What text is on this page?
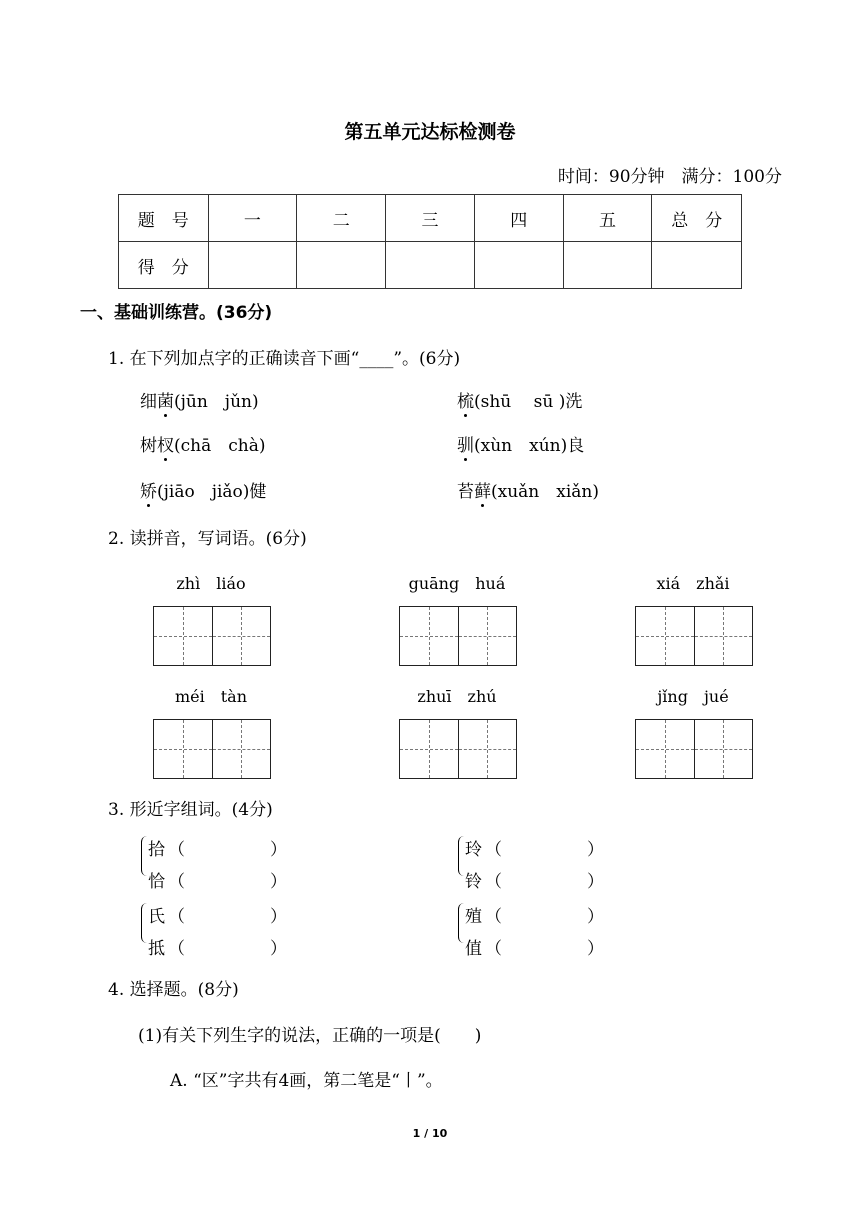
第五单元达标检测卷
时间：90分钟　满分：100分
题　号	一	二	三	四	五	总　分
得　分						
一、基础训练营。(36分)
1. 在下列加点字的正确读音下画“____”。(6分)
细菌(jūn　jǔn)	梳(shū　 sū )洗
树杈(chā　chà)	驯(xùn　xún)良
矫(jiāo　jiǎo)健	苔藓(xuǎn　xiǎn)
2. 读拼音，写词语。(6分)
zhì　liáo	guāng　huá	xiá　zhǎi
méi　tàn	zhuī　zhú	jǐng　jué
3. 形近字组词。(4分)
拾 （　　　　　）
恰 （　　　　　）
玲 （　　　　　）
铃 （　　　　　）
氏 （　　　　　）
抵 （　　　　　）
殖 （　　　　　）
值 （　　　　　）
4. 选择题。(8分)
(1)有关下列生字的说法，正确的一项是(　　)
A. “区”字共有4画，第二笔是“丨”。
1 / 10
